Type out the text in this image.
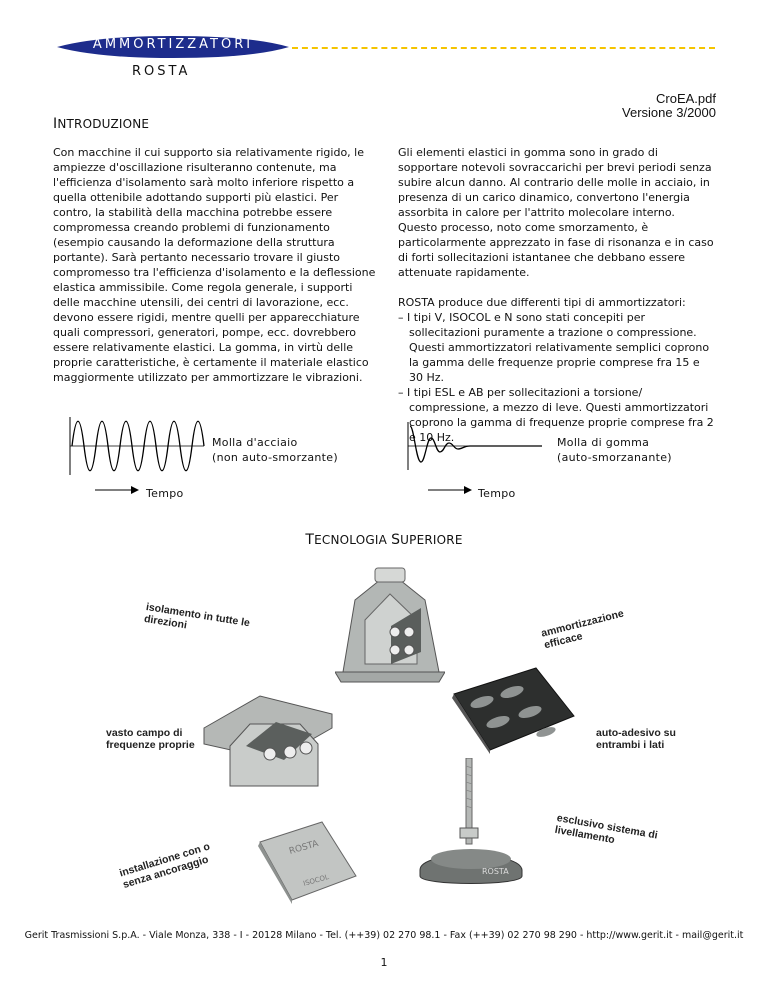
AMMORTIZZATORI
ROSTA
CroEA.pdf
Versione 3/2000
INTRODUZIONE

Con macchine il cui supporto sia relativamente rigido, le ampiezze d'oscillazione risulteranno contenute, ma l'efficienza d'isolamento sarà molto inferiore rispetto a quella ottenibile adottando supporti più elastici. Per contro, la stabilità della macchina potrebbe essere compromessa creando problemi di funzionamento (esempio causando la deformazione della struttura portante). Sarà pertanto necessario trovare il giusto compromesso tra l'efficienza d'isolamento e la deflessione elastica ammissibile. Come regola generale, i supporti delle macchine utensili, dei centri di lavorazione, ecc. devono essere rigidi, mentre quelli per apparecchiature quali compressori, generatori, pompe, ecc. dovrebbero essere relativamente elastici. La gomma, in virtù delle proprie caratteristiche, è certamente il materiale elastico maggiormente utilizzato per ammortizzare le vibrazioni.

Gli elementi elastici in gomma sono in grado di sopportare notevoli sovraccarichi per brevi periodi senza subire alcun danno. Al contrario delle molle in acciaio, in presenza di un carico dinamico, convertono l'energia assorbita in calore per l'attrito molecolare interno.

Questo processo, noto come smorzamento, è particolarmente apprezzato in fase di risonanza e in caso di forti sollecitazioni istantanee che debbano essere attenuate rapidamente.

ROSTA produce due differenti tipi di ammortizzatori:

– I tipi V, ISOCOL e N sono stati concepiti per sollecitazioni puramente a trazione o compressione. Questi ammortizzatori relativamente semplici coprono la gamma delle frequenze proprie comprese fra 15 e 30 Hz.
– I tipi ESL e AB per sollecitazioni a torsione/ compressione, a mezzo di leve. Questi ammortizzatori coprono la gamma di frequenze proprie comprese fra 2 e 10 Hz.
Molla d'acciaio
(non auto-smorzante)
Tempo
Molla di gomma
(auto-smorzanante)
Tempo
TECNOLOGIA SUPERIORE
isolamento in tutte le direzioni	ammortizzazione efficace
vasto campo di
frequenze proprie
auto-adesivo su
entrambi i lati
installazione con o senza ancoraggio
esclusivo sistema di livellamento
ROSTA
ISOCOL
ROSTA
Gerit Trasmissioni S.p.A. - Viale Monza, 338 - I - 20128 Milano - Tel. (++39) 02 270 98.1 - Fax (++39) 02 270 98 290 - http://www.gerit.it - mail@gerit.it
1
